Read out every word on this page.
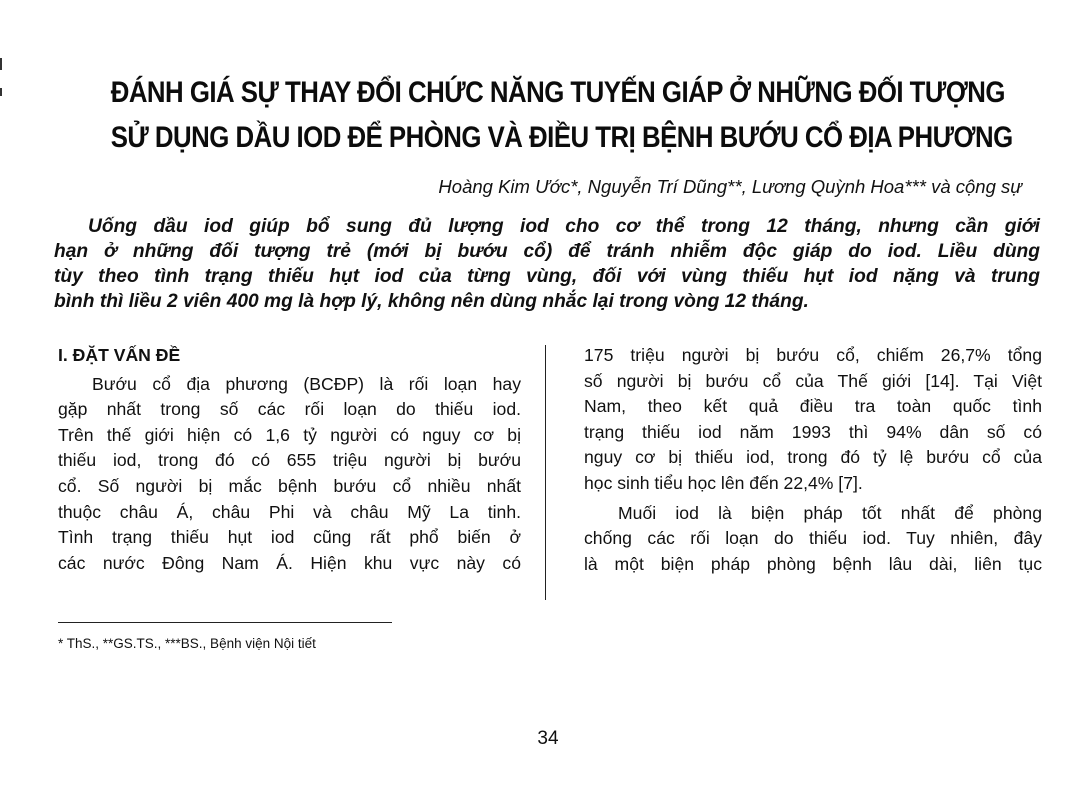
ĐÁNH GIÁ SỰ THAY ĐỔI CHỨC NĂNG TUYẾN GIÁP Ở NHỮNG ĐỐI TƯỢNG
SỬ DỤNG DẦU IOD ĐỂ PHÒNG VÀ ĐIỀU TRỊ BỆNH BƯỚU CỔ ĐỊA PHƯƠNG
Hoàng Kim Ước*, Nguyễn Trí Dũng**, Lương Quỳnh Hoa*** và cộng sự
Uống dầu iod giúp bổ sung đủ lượng iod cho cơ thể trong 12 tháng, nhưng cần giới
hạn ở những đối tượng trẻ (mới bị bướu cổ) để tránh nhiễm độc giáp do iod. Liều dùng
tùy theo tình trạng thiếu hụt iod của từng vùng, đối với vùng thiếu hụt iod nặng và trung
bình thì liều 2 viên 400 mg là hợp lý, không nên dùng nhắc lại trong vòng 12 tháng.
I. ĐẶT VẤN ĐỀ
Bướu cổ địa phương (BCĐP) là rối loạn hay
gặp nhất trong số các rối loạn do thiếu iod.
Trên thế giới hiện có 1,6 tỷ người có nguy cơ bị
thiếu iod, trong đó có 655 triệu người bị bướu
cổ. Số người bị mắc bệnh bướu cổ nhiều nhất
thuộc châu Á, châu Phi và châu Mỹ La tinh.
Tình trạng thiếu hụt iod cũng rất phổ biến ở
các nước Đông Nam Á. Hiện khu vực này có
175 triệu người bị bướu cổ, chiếm 26,7% tổng
số người bị bướu cổ của Thế giới [14]. Tại Việt
Nam, theo kết quả điều tra toàn quốc tình
trạng thiếu iod năm 1993 thì 94% dân số có
nguy cơ bị thiếu iod, trong đó tỷ lệ bướu cổ của
học sinh tiểu học lên đến 22,4% [7].
Muối iod là biện pháp tốt nhất để phòng
chống các rối loạn do thiếu iod. Tuy nhiên, đây
là một biện pháp phòng bệnh lâu dài, liên tục
* ThS., **GS.TS., ***BS., Bệnh viện Nội tiết
34
